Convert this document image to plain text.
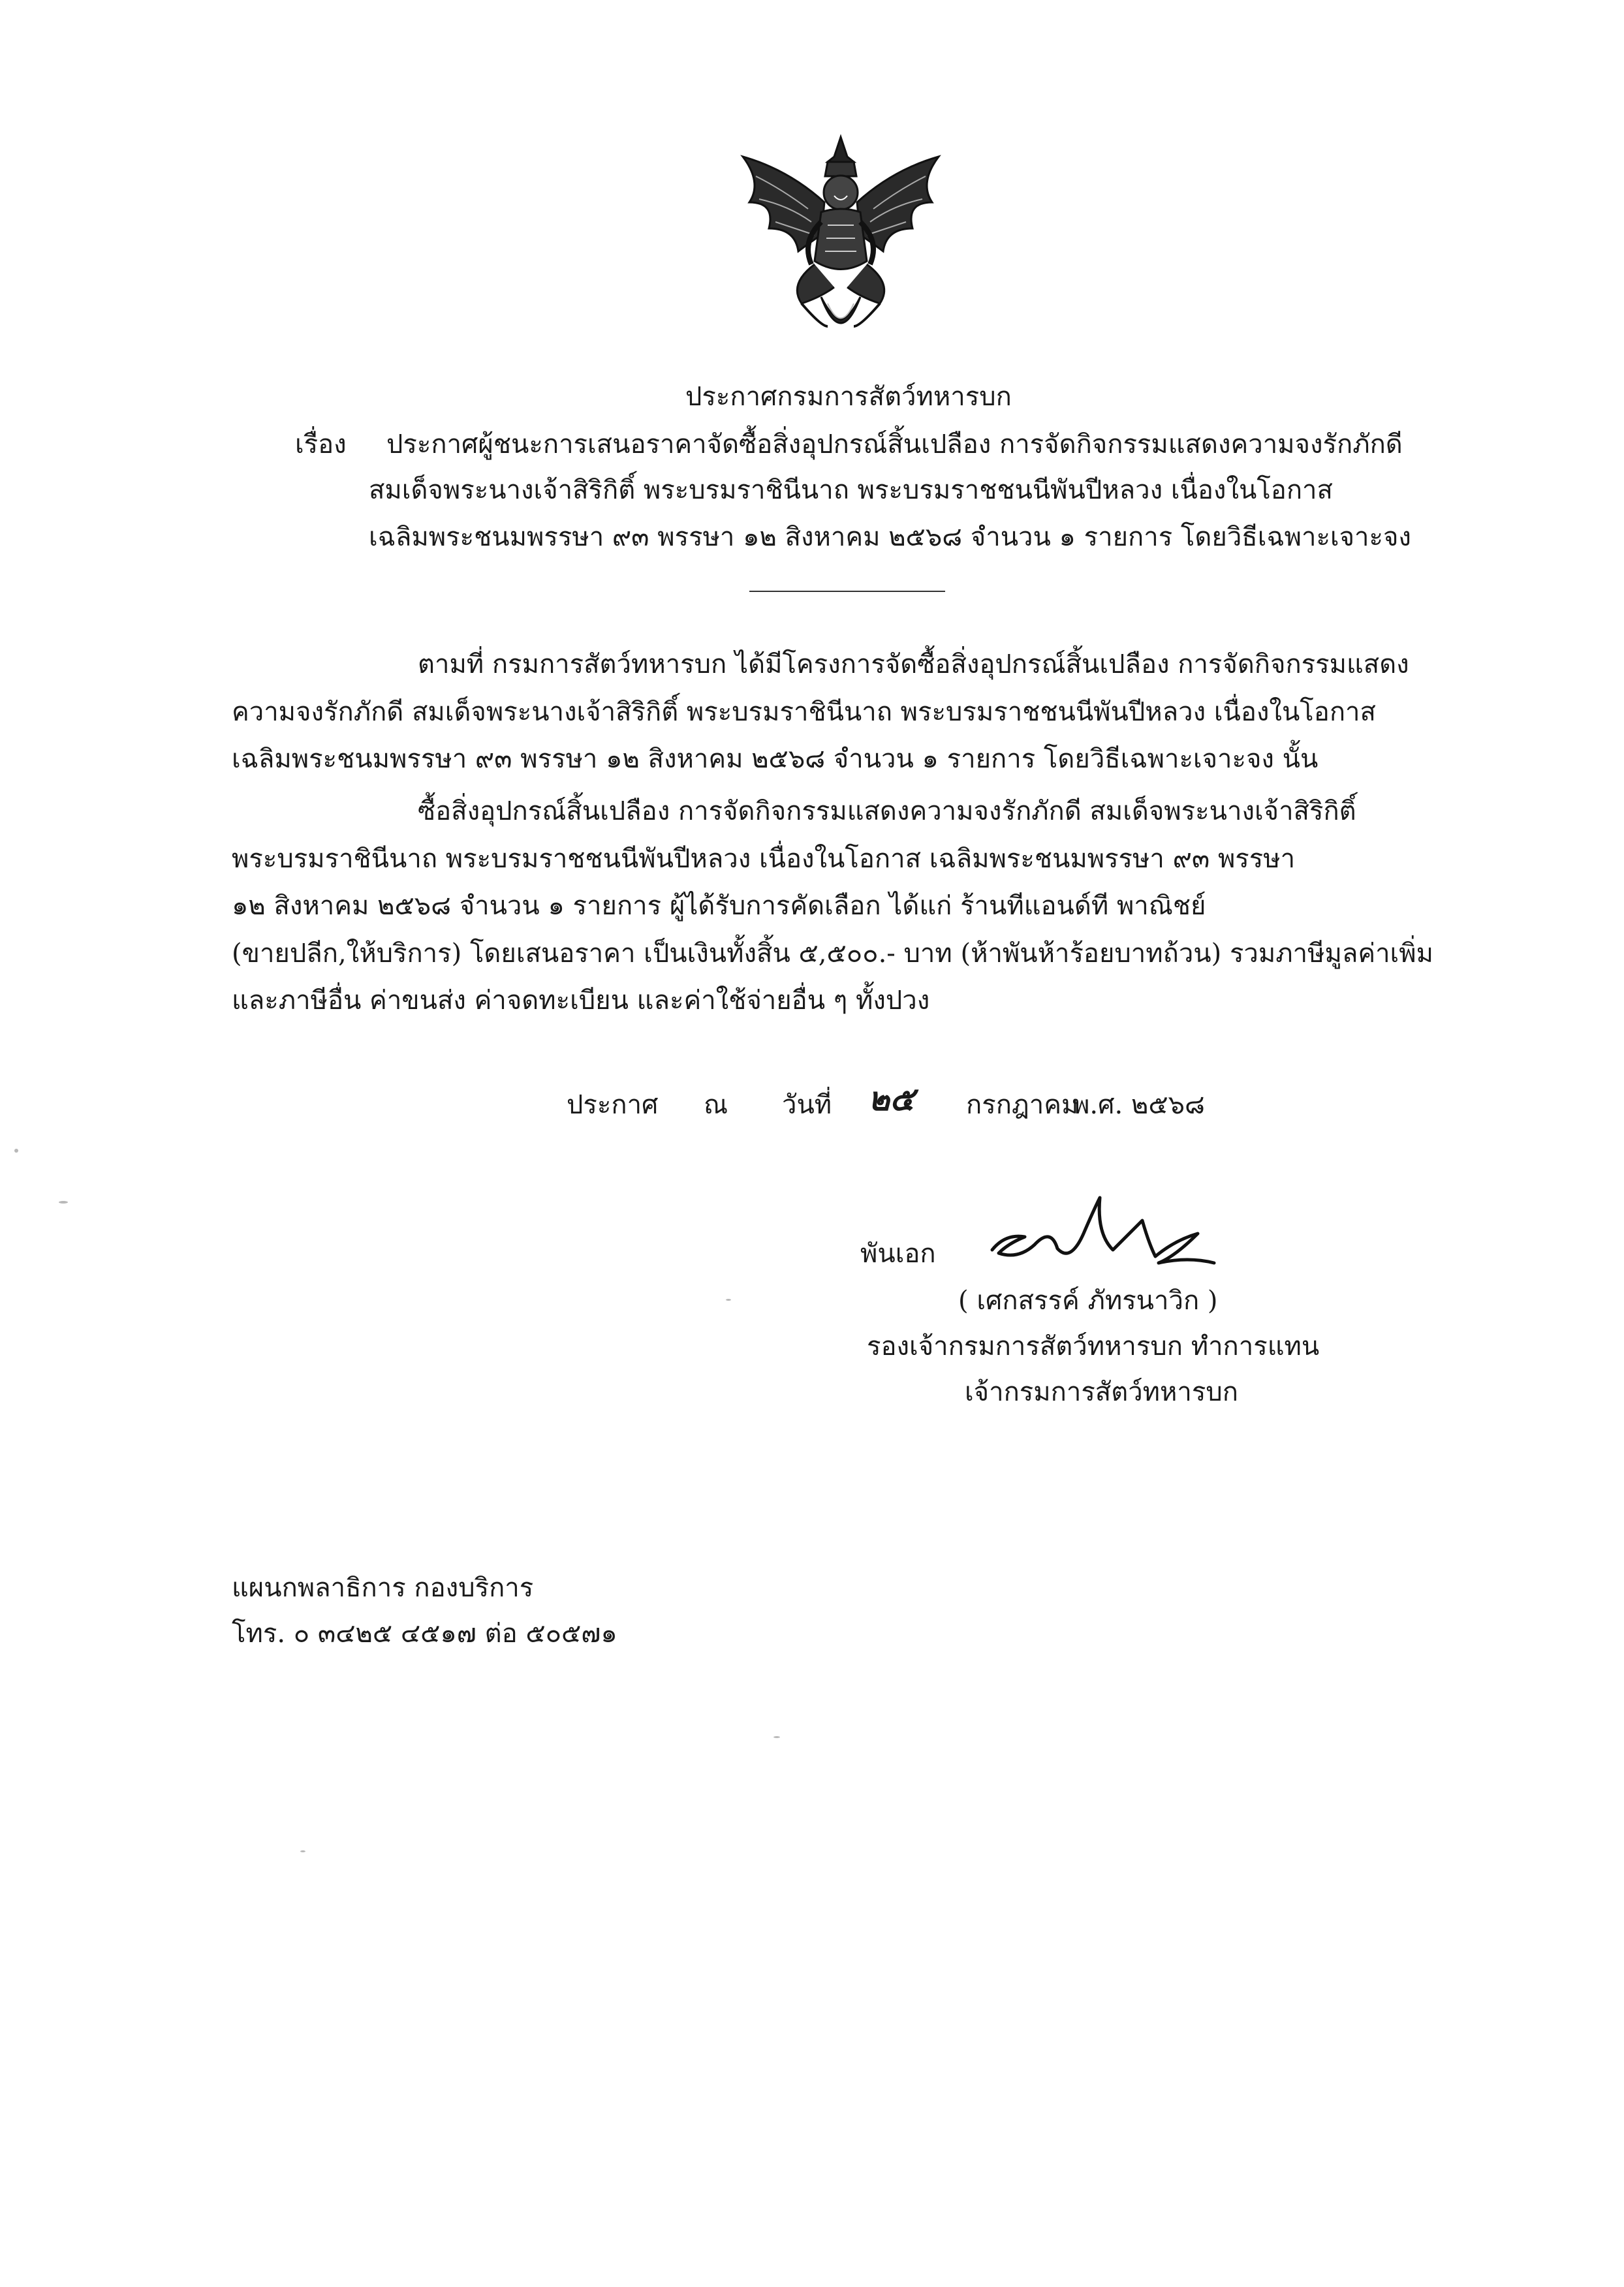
ประกาศกรมการสัตว์ทหารบก
เรื่อง ประกาศผู้ชนะการเสนอราคาจัดซื้อสิ่งอุปกรณ์สิ้นเปลือง การจัดกิจกรรมแสดงความจงรักภักดี
สมเด็จพระนางเจ้าสิริกิติ์ พระบรมราชินีนาถ พระบรมราชชนนีพันปีหลวง เนื่องในโอกาส
เฉลิมพระชนมพรรษา ๙๓ พรรษา ๑๒ สิงหาคม ๒๕๖๘ จำนวน ๑ รายการ โดยวิธีเฉพาะเจาะจง
ตามที่ กรมการสัตว์ทหารบก ได้มีโครงการจัดซื้อสิ่งอุปกรณ์สิ้นเปลือง การจัดกิจกรรมแสดง
ความจงรักภักดี สมเด็จพระนางเจ้าสิริกิติ์ พระบรมราชินีนาถ พระบรมราชชนนีพันปีหลวง เนื่องในโอกาส
เฉลิมพระชนมพรรษา ๙๓ พรรษา ๑๒ สิงหาคม ๒๕๖๘ จำนวน ๑ รายการ โดยวิธีเฉพาะเจาะจง นั้น
ซื้อสิ่งอุปกรณ์สิ้นเปลือง การจัดกิจกรรมแสดงความจงรักภักดี สมเด็จพระนางเจ้าสิริกิติ์
พระบรมราชินีนาถ พระบรมราชชนนีพันปีหลวง เนื่องในโอกาส เฉลิมพระชนมพรรษา ๙๓ พรรษา
๑๒ สิงหาคม ๒๕๖๘ จำนวน ๑ รายการ ผู้ได้รับการคัดเลือก ได้แก่ ร้านทีแอนด์ที พาณิชย์
(ขายปลีก,ให้บริการ) โดยเสนอราคา เป็นเงินทั้งสิ้น ๕,๕๐๐.- บาท (ห้าพันห้าร้อยบาทถ้วน) รวมภาษีมูลค่าเพิ่ม
และภาษีอื่น ค่าขนส่ง ค่าจดทะเบียน และค่าใช้จ่ายอื่น ๆ ทั้งปวง
ประกาศ ณ วันที่ ๒๕ กรกฎาคม
พ.ศ. ๒๕๖๘
พันเอก
( เศกสรรค์ ภัทรนาวิก )
รองเจ้ากรมการสัตว์ทหารบก ทำการแทน
เจ้ากรมการสัตว์ทหารบก
แผนกพลาธิการ กองบริการ
โทร. ๐ ๓๔๒๕ ๔๕๑๗ ต่อ ๕๐๕๗๑
